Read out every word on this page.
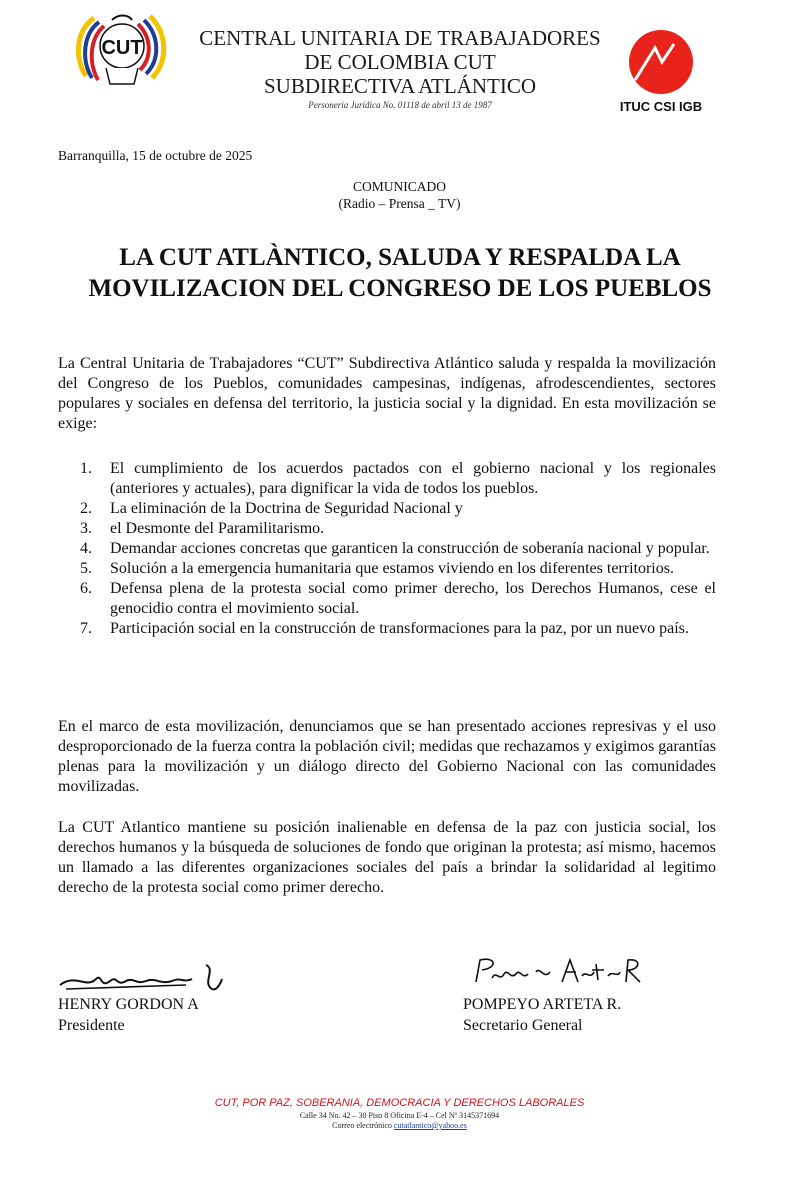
CUT	CENTRAL UNITARIA DE TRABAJADORES
DE COLOMBIA CUT
SUBDIRECTIVA ATLÁNTICO
Personería Jurídica No. 01118 de abril 13 de 1987	ITUC CSI IGB
Barranquilla, 15 de octubre de 2025
COMUNICADO
(Radio – Prensa _ TV)
LA CUT ATLÀNTICO, SALUDA Y RESPALDA LA
MOVILIZACION DEL CONGRESO DE LOS PUEBLOS
La Central Unitaria de Trabajadores “CUT” Subdirectiva Atlántico saluda y respalda la movilización del Congreso de los Pueblos, comunidades campesinas, indígenas, afrodescendientes, sectores populares y sociales en defensa del territorio, la justicia social y la dignidad. En esta movilización se exige:
1.	El cumplimiento de los acuerdos pactados con el gobierno nacional y los regionales (anteriores y actuales), para dignificar la vida de todos los pueblos.
2.	La eliminación de la Doctrina de Seguridad Nacional y
3.	el Desmonte del Paramilitarismo.
4.	Demandar acciones concretas que garanticen la construcción de soberanía nacional y popular.
5.	Solución a la emergencia humanitaria que estamos viviendo en los diferentes territorios.
6.	Defensa plena de la protesta social como primer derecho, los Derechos Humanos, cese el genocidio contra el movimiento social.
7.	Participación social en la construcción de transformaciones para la paz, por un nuevo país.
En el marco de esta movilización, denunciamos que se han presentado acciones represivas y el uso desproporcionado de la fuerza contra la población civil; medidas que rechazamos y exigimos garantías plenas para la movilización y un diálogo directo del Gobierno Nacional con las comunidades movilizadas.
La CUT Atlantico mantiene su posición inalienable en defensa de la paz con justicia social, los derechos humanos y la búsqueda de soluciones de fondo que originan la protesta; así mismo, hacemos un llamado a las diferentes organizaciones sociales del país a brindar la solidaridad al legitimo derecho de la protesta social como primer derecho.
HENRY GORDON A
Presidente
POMPEYO ARTETA R.
Secretario General
CUT, POR PAZ, SOBERANIA, DEMOCRACIA Y DERECHOS LABORALES
Calle 34 No. 42 – 30 Piso 8 Oficina E-4 – Cel Nº 3145371694
Correo electrónico cutatlantico@yahoo.es
